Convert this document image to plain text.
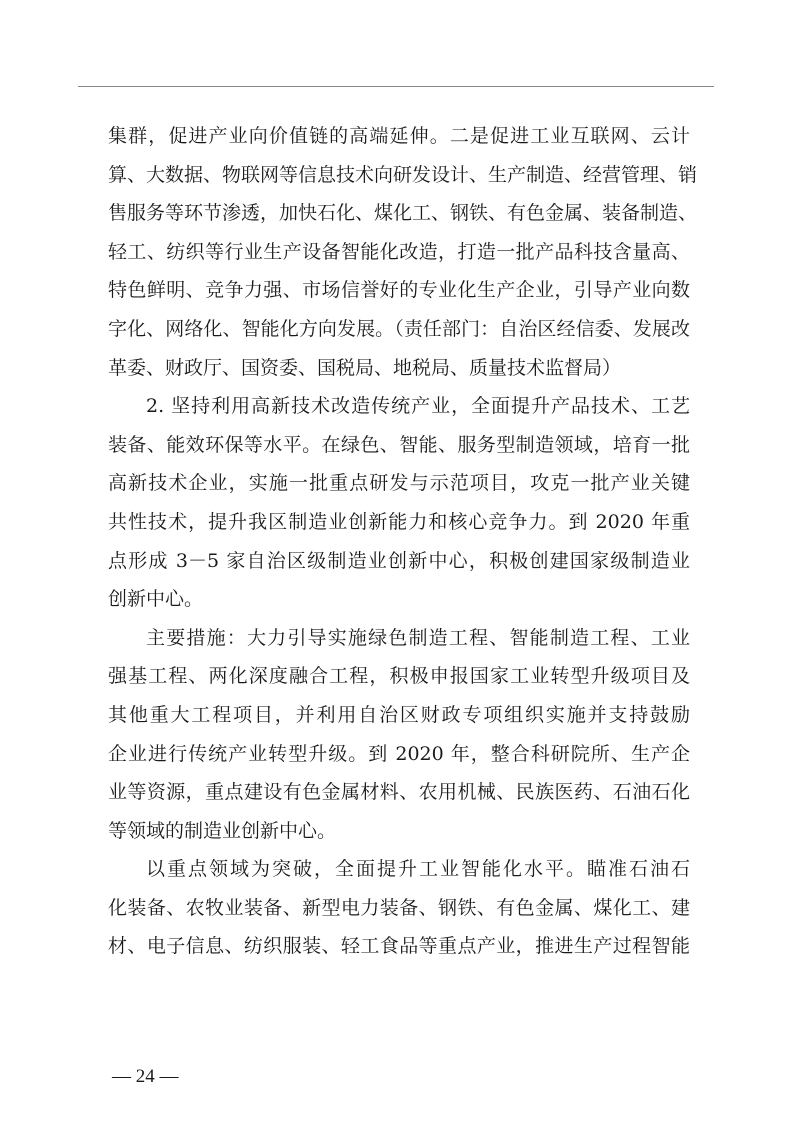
集群，促进产业向价值链的高端延伸。二是促进工业互联网、云计
算、大数据、物联网等信息技术向研发设计、生产制造、经营管理、销
售服务等环节渗透，加快石化、煤化工、钢铁、有色金属、装备制造、
轻工、纺织等行业生产设备智能化改造，打造一批产品科技含量高、
特色鲜明、竞争力强、市场信誉好的专业化生产企业，引导产业向数
字化、网络化、智能化方向发展。（责任部门：自治区经信委、发展改
革委、财政厅、国资委、国税局、地税局、质量技术监督局）
2. 坚持利用高新技术改造传统产业，全面提升产品技术、工艺
装备、能效环保等水平。在绿色、智能、服务型制造领域，培育一批
高新技术企业，实施一批重点研发与示范项目，攻克一批产业关键
共性技术，提升我区制造业创新能力和核心竞争力。到 2020 年重
点形成 3－5 家自治区级制造业创新中心，积极创建国家级制造业
创新中心。
主要措施：大力引导实施绿色制造工程、智能制造工程、工业
强基工程、两化深度融合工程，积极申报国家工业转型升级项目及
其他重大工程项目，并利用自治区财政专项组织实施并支持鼓励
企业进行传统产业转型升级。到 2020 年，整合科研院所、生产企
业等资源，重点建设有色金属材料、农用机械、民族医药、石油石化
等领域的制造业创新中心。
以重点领域为突破，全面提升工业智能化水平。瞄准石油石
化装备、农牧业装备、新型电力装备、钢铁、有色金属、煤化工、建
材、电子信息、纺织服装、轻工食品等重点产业，推进生产过程智能
— 24 —
